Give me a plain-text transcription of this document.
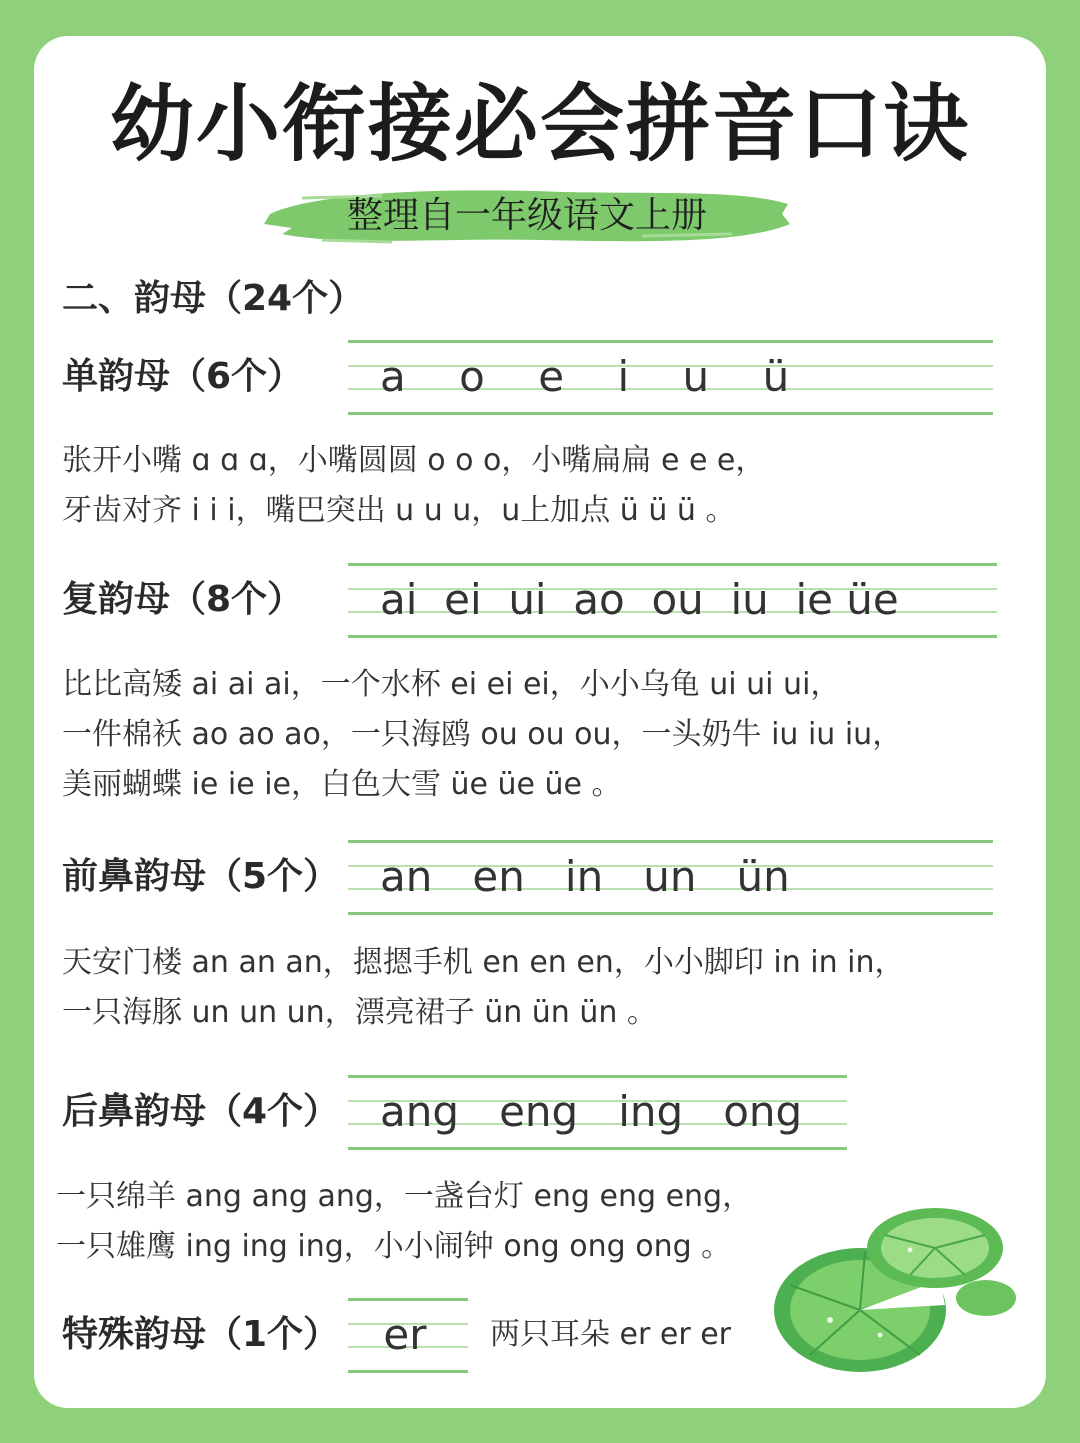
幼小衔接必会拼音口诀

整理自一年级语文上册

二、韵母（24个）

单韵母（6个） a    o    e    i    u    ü

张开小嘴 ɑ ɑ ɑ，小嘴圆圆 o o o，小嘴扁扁 e e e，

牙齿对齐 i i i，嘴巴突出 u u u，u上加点 ü ü ü 。

复韵母（8个） ai  ei  ui  ao  ou  iu  ie üe

比比高矮 ai ai ai，一个水杯 ei ei ei，小小乌龟 ui ui ui，

一件棉袄 ao ao ao，一只海鸥 ou ou ou，一头奶牛 iu iu iu，

美丽蝴蝶 ie ie ie，白色大雪 üe üe üe 。

前鼻韵母（5个） an   en   in   un   ün

天安门楼 an an an，摁摁手机 en en en，小小脚印 in in in，

一只海豚 un un un，漂亮裙子 ün ün ün 。

后鼻韵母（4个） ang   eng   ing   ong

一只绵羊 ang ang ang，一盏台灯 eng eng eng，

一只雄鹰 ing ing ing，小小闹钟 ong ong ong 。

特殊韵母（1个） er 两只耳朵 er er er
